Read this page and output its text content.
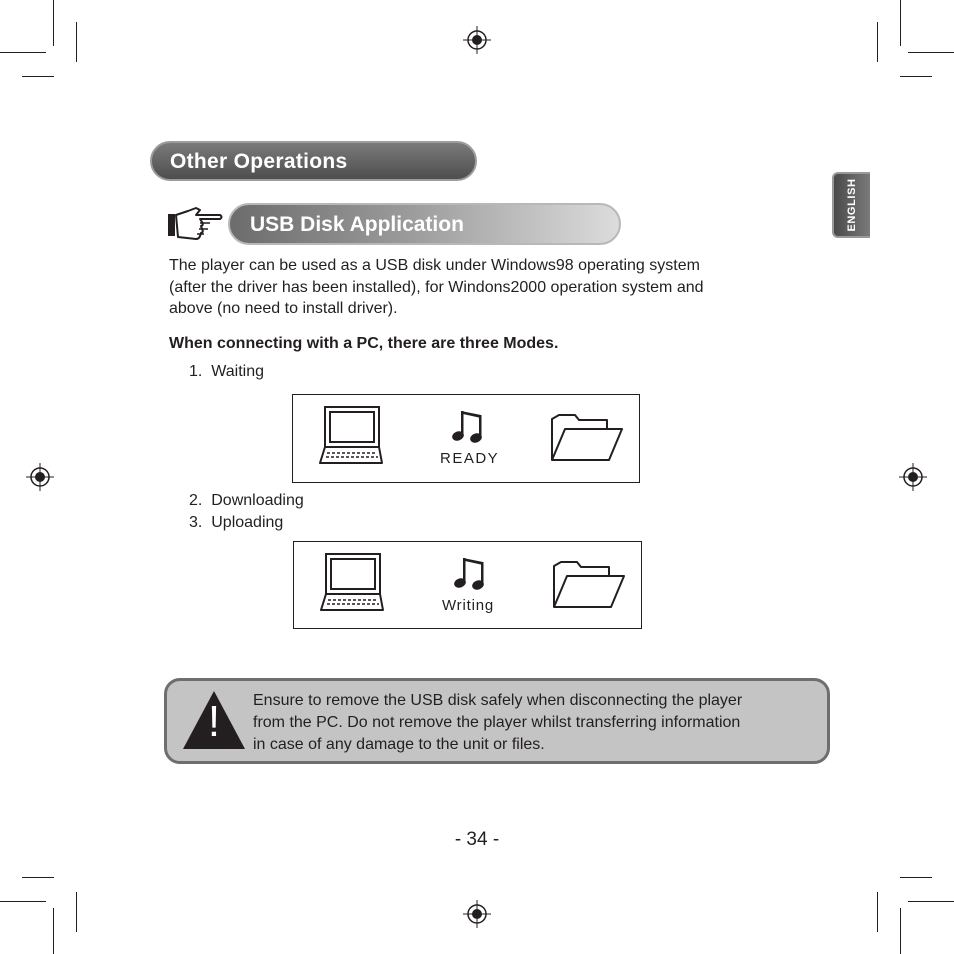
Other Operations
USB Disk Application	ENGLISH

The player can be used as a USB disk under Windows98 operating system

(after the driver has been installed), for Windons2000 operation system and

above (no need to install driver).

When connecting with a PC, there are three Modes.
1. Waiting
READY
2. Downloading
3. Uploading
Writing
! Ensure to remove the USB disk safely when disconnecting the player

from the PC. Do not remove the player whilst transferring information

in case of any damage to the unit or files.

- 34 -
